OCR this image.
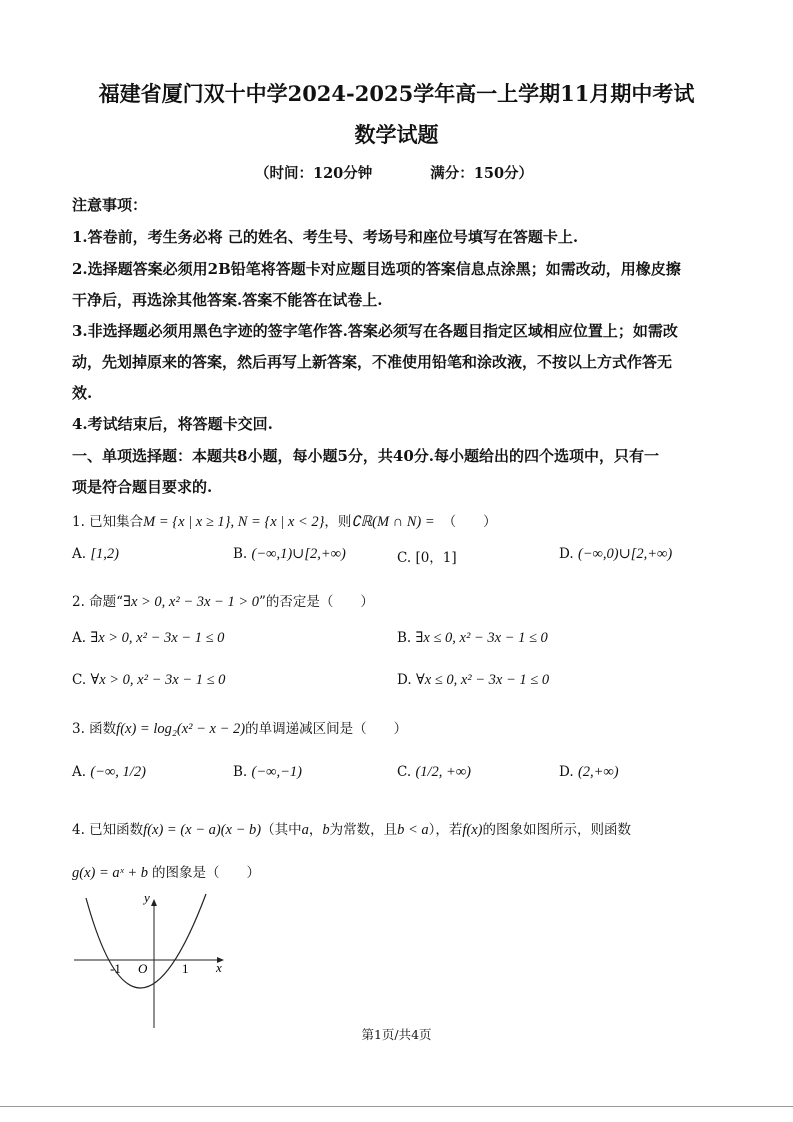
福建省厦门双十中学2024-2025学年高一上学期11月期中考试
数学试题
（时间：120分钟　　　　满分：150分）
注意事项：
1.答卷前，考生务必将 己的姓名、考生号、考场号和座位号填写在答题卡上.
2.选择题答案必须用2B铅笔将答题卡对应题目选项的答案信息点涂黑；如需改动，用橡皮擦
干净后，再选涂其他答案.答案不能答在试卷上.
3.非选择题必须用黑色字迹的签字笔作答.答案必须写在各题目指定区域相应位置上；如需改
动，先划掉原来的答案，然后再写上新答案，不准使用铅笔和涂改液，不按以上方式作答无
效.
4.考试结束后，将答题卡交回.
一、单项选择题：本题共8小题，每小题5分，共40分.每小题给出的四个选项中，只有一
项是符合题目要求的.
1. 已知集合M = {x | x ≥ 1}, N = {x | x < 2}，则∁ℝ(M ∩ N) = （　　）
A. [1,2)	B. (−∞,1)∪[2,+∞)	C. [0，1]	D. (−∞,0)∪[2,+∞)
2. 命题“∃x > 0, x² − 3x − 1 > 0”的否定是（　　）
A. ∃x > 0, x² − 3x − 1 ≤ 0	B. ∃x ≤ 0, x² − 3x − 1 ≤ 0
C. ∀x > 0, x² − 3x − 1 ≤ 0	D. ∀x ≤ 0, x² − 3x − 1 ≤ 0
3. 函数f(x) = log₂(x² − x − 2)的单调递减区间是（　　）
A. (−∞, 1/2)	B. (−∞,−1)	C. (1/2, +∞)	D. (2,+∞)
4. 已知函数f(x) = (x − a)(x − b)（其中a，b为常数，且b < a），若f(x)的图象如图所示，则函数
g(x) = aˣ + b 的图象是（　　）
y
x
O
-1	1
第1页/共4页
